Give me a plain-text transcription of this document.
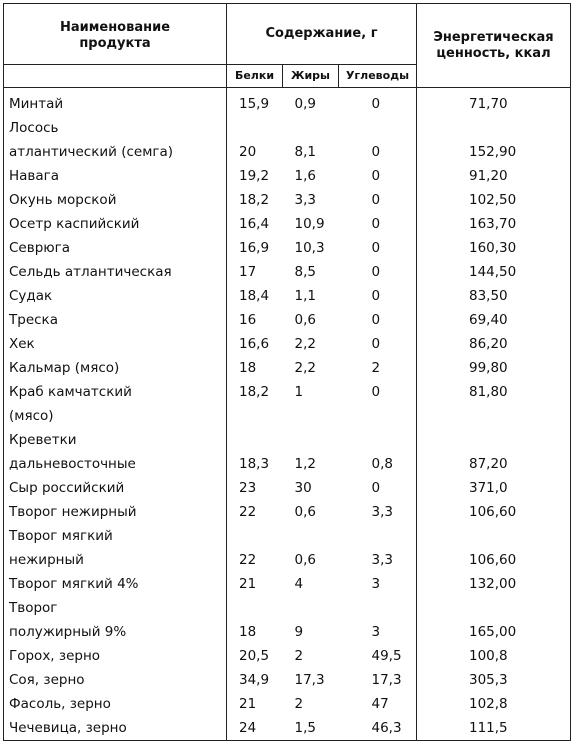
Наименование продукта	Содержание, г			Энергетическая ценность, ккал
	Белки	Жиры	Углеводы	
Минтай	15,9	0,9	0	71,70
Лосось				
атлантический (семга)	20	8,1	0	152,90
Навага	19,2	1,6	0	91,20
Окунь морской	18,2	3,3	0	102,50
Осетр каспийский	16,4	10,9	0	163,70
Севрюга	16,9	10,3	0	160,30
Сельдь атлантическая	17	8,5	0	144,50
Судак	18,4	1,1	0	83,50
Треска	16	0,6	0	69,40
Хек	16,6	2,2	0	86,20
Кальмар (мясо)	18	2,2	2	99,80
Краб камчатский	18,2	1	0	81,80
(мясо)				
Креветки				
дальневосточные	18,3	1,2	0,8	87,20
Сыр российский	23	30	0	371,0
Творог нежирный	22	0,6	3,3	106,60
Творог мягкий				
нежирный	22	0,6	3,3	106,60
Творог мягкий 4%	21	4	3	132,00
Творог				
полужирный 9%	18	9	3	165,00
Горох, зерно	20,5	2	49,5	100,8
Соя, зерно	34,9	17,3	17,3	305,3
Фасоль, зерно	21	2	47	102,8
Чечевица, зерно	24	1,5	46,3	111,5
